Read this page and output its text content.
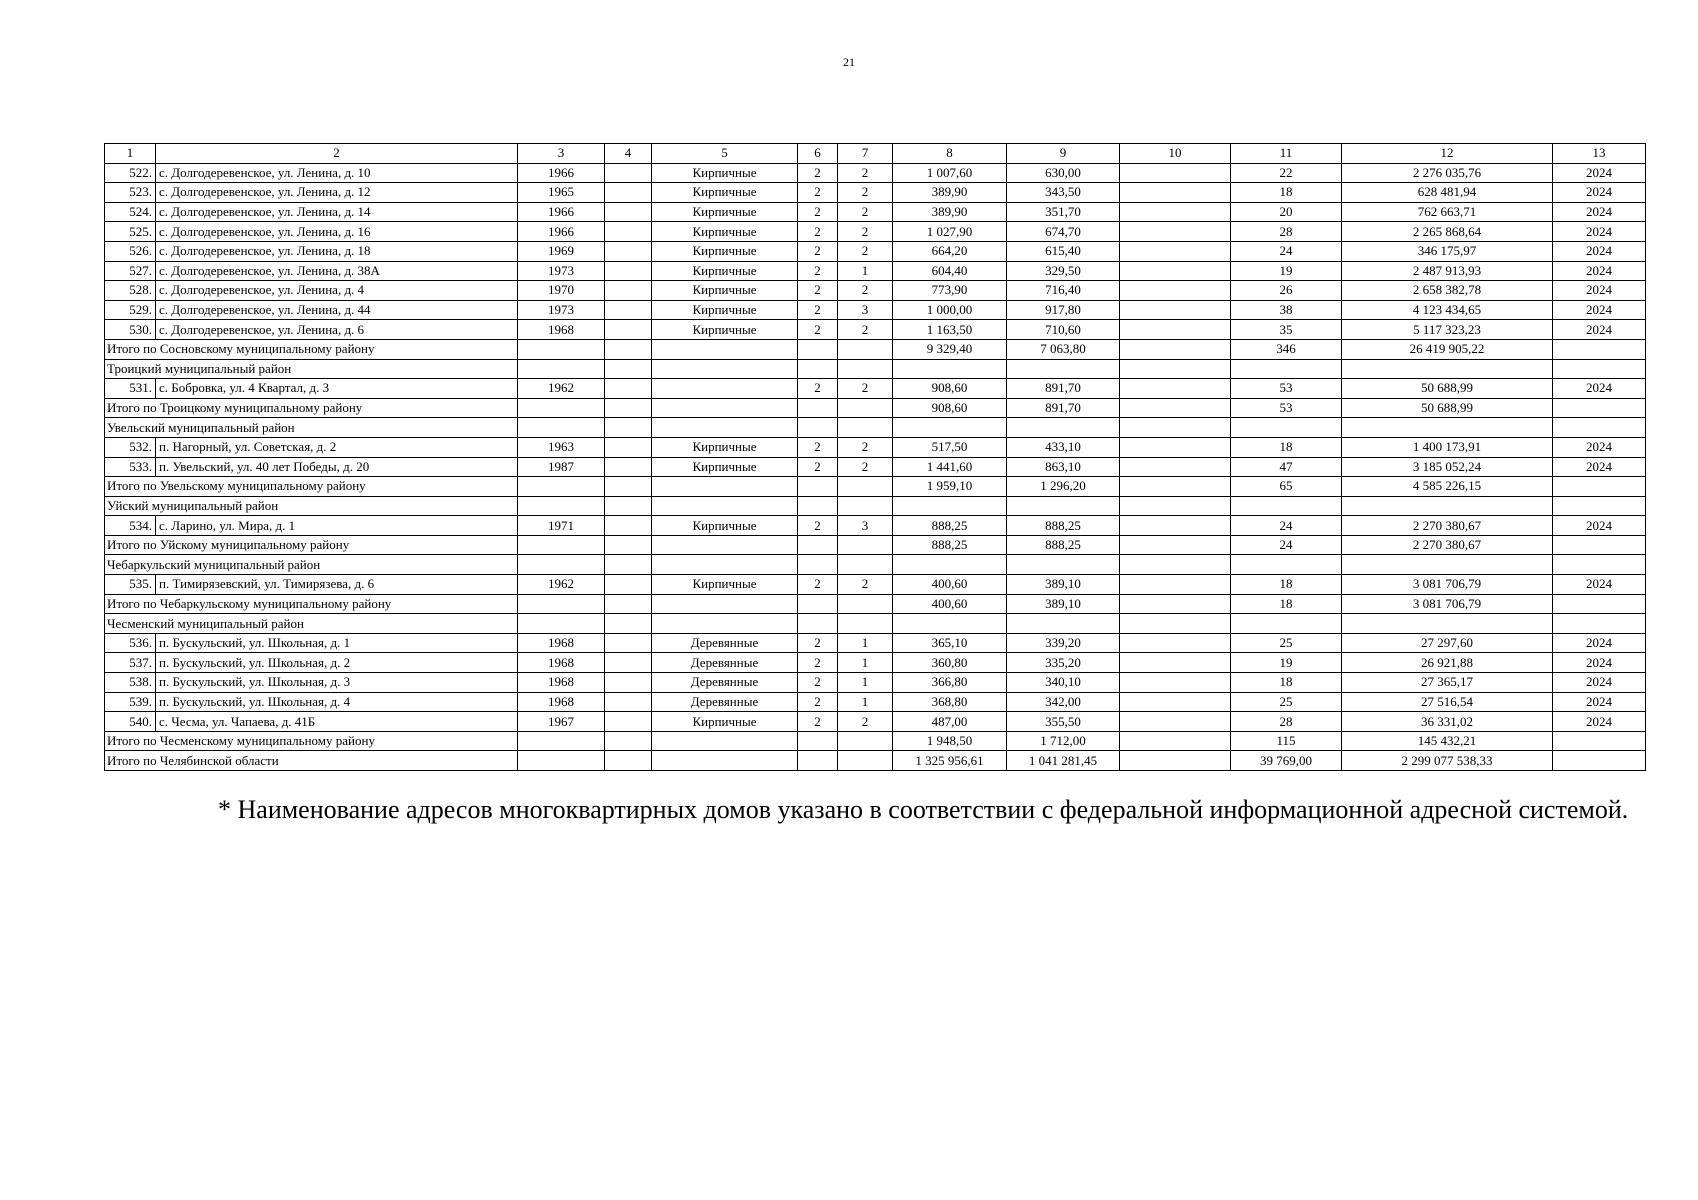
21
1	2	3	4	5	6	7	8	9	10	11	12	13
522.	с. Долгодеревенское, ул. Ленина, д. 10	1966		Кирпичные	2	2	1 007,60	630,00		22	2 276 035,76	2024
523.	с. Долгодеревенское, ул. Ленина, д. 12	1965		Кирпичные	2	2	389,90	343,50		18	628 481,94	2024
524.	с. Долгодеревенское, ул. Ленина, д. 14	1966		Кирпичные	2	2	389,90	351,70		20	762 663,71	2024
525.	с. Долгодеревенское, ул. Ленина, д. 16	1966		Кирпичные	2	2	1 027,90	674,70		28	2 265 868,64	2024
526.	с. Долгодеревенское, ул. Ленина, д. 18	1969		Кирпичные	2	2	664,20	615,40		24	346 175,97	2024
527.	с. Долгодеревенское, ул. Ленина, д. 38А	1973		Кирпичные	2	1	604,40	329,50		19	2 487 913,93	2024
528.	с. Долгодеревенское, ул. Ленина, д. 4	1970		Кирпичные	2	2	773,90	716,40		26	2 658 382,78	2024
529.	с. Долгодеревенское, ул. Ленина, д. 44	1973		Кирпичные	2	3	1 000,00	917,80		38	4 123 434,65	2024
530.	с. Долгодеревенское, ул. Ленина, д. 6	1968		Кирпичные	2	2	1 163,50	710,60		35	5 117 323,23	2024
Итого по Сосновскому муниципальному району							9 329,40	7 063,80		346	26 419 905,22	
Троицкий муниципальный район												
531.	с. Бобровка, ул. 4 Квартал, д. 3	1962			2	2	908,60	891,70		53	50 688,99	2024
Итого по Троицкому муниципальному району							908,60	891,70		53	50 688,99	
Увельский муниципальный район												
532.	п. Нагорный, ул. Советская, д. 2	1963		Кирпичные	2	2	517,50	433,10		18	1 400 173,91	2024
533.	п. Увельский, ул. 40 лет Победы, д. 20	1987		Кирпичные	2	2	1 441,60	863,10		47	3 185 052,24	2024
Итого по Увельскому муниципальному району							1 959,10	1 296,20		65	4 585 226,15	
Уйский муниципальный район												
534.	с. Ларино, ул. Мира, д. 1	1971		Кирпичные	2	3	888,25	888,25		24	2 270 380,67	2024
Итого по Уйскому муниципальному району							888,25	888,25		24	2 270 380,67	
Чебаркульский муниципальный район												
535.	п. Тимирязевский, ул. Тимирязева, д. 6	1962		Кирпичные	2	2	400,60	389,10		18	3 081 706,79	2024
Итого по Чебаркульскому муниципальному району							400,60	389,10		18	3 081 706,79	
Чесменский муниципальный район												
536.	п. Бускульский, ул. Школьная, д. 1	1968		Деревянные	2	1	365,10	339,20		25	27 297,60	2024
537.	п. Бускульский, ул. Школьная, д. 2	1968		Деревянные	2	1	360,80	335,20		19	26 921,88	2024
538.	п. Бускульский, ул. Школьная, д. 3	1968		Деревянные	2	1	366,80	340,10		18	27 365,17	2024
539.	п. Бускульский, ул. Школьная, д. 4	1968		Деревянные	2	1	368,80	342,00		25	27 516,54	2024
540.	с. Чесма, ул. Чапаева, д. 41Б	1967		Кирпичные	2	2	487,00	355,50		28	36 331,02	2024
Итого по Чесменскому муниципальному району							1 948,50	1 712,00		115	145 432,21	
Итого по Челябинской области							1 325 956,61	1 041 281,45		39 769,00	2 299 077 538,33	
* Наименование адресов многоквартирных домов указано в соответствии с федеральной информационной адресной системой.
